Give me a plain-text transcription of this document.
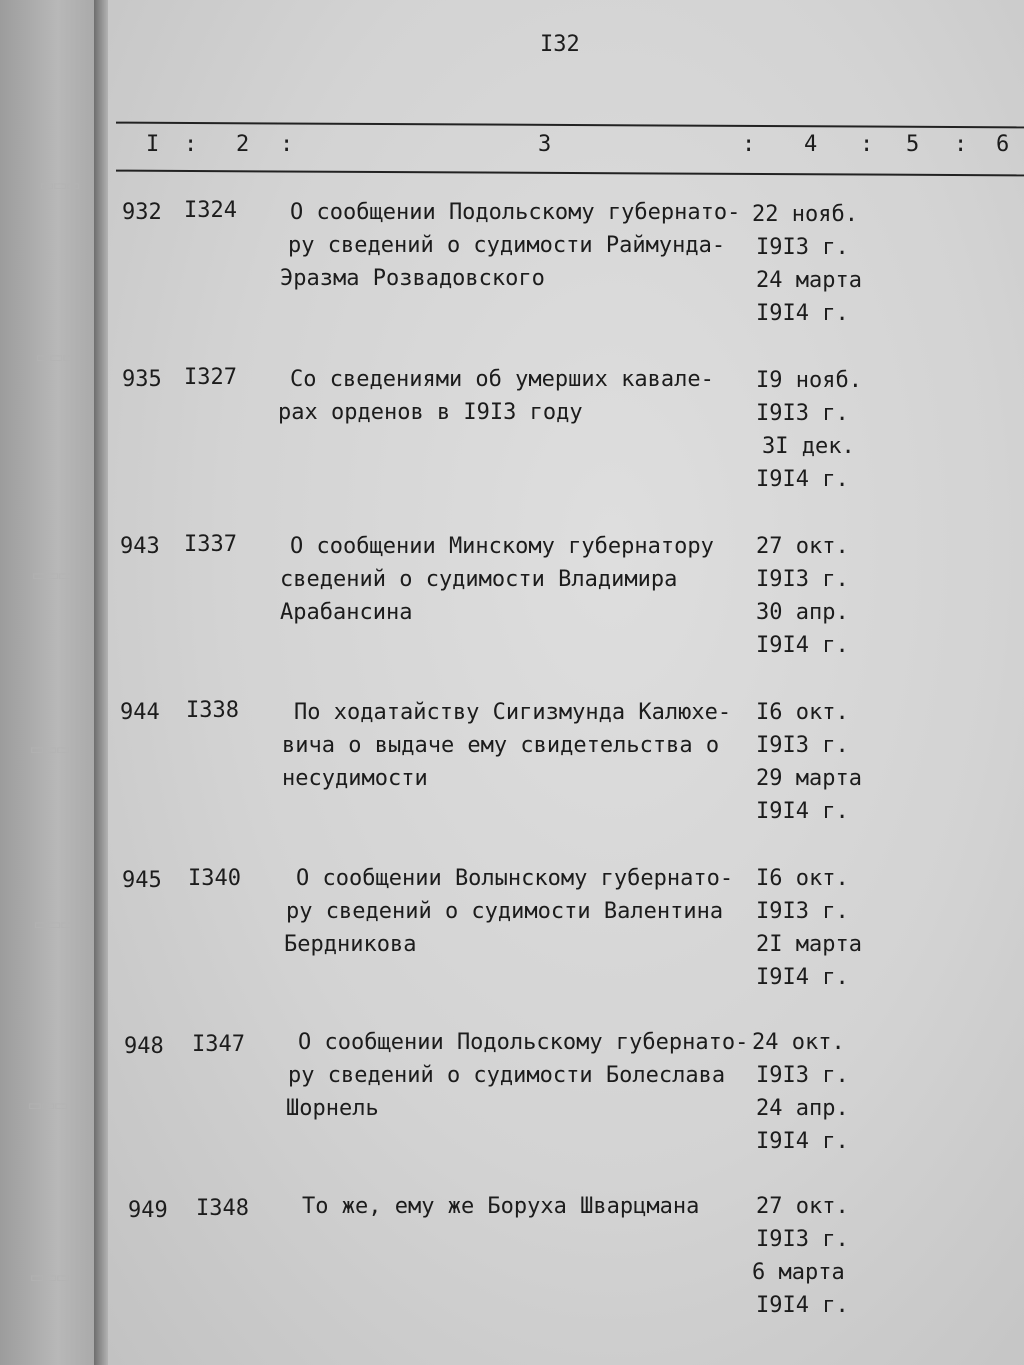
▭▭▭
▭▭▭
▭▭▭
▭▭▭
▭▭▭
▭▭▭
▭▭▭
I32
I : 2 :	3	: 4 : 5 : 6
932 I324 О сообщении Подольскому губернато-
ру сведений о судимости Раймунда-
Эразма Розвадовского
22 нояб.
I9I3 г.
24 марта
I9I4 г.
935 I327 Со сведениями об умерших кавале-
рах орденов в I9I3 году
I9 нояб.
I9I3 г.
3I дек.
I9I4 г.
943 I337 О сообщении Минскому губернатору
сведений о судимости Владимира
Арабансина
27 окт.
I9I3 г.
30 апр.
I9I4 г.
944 I338	По ходатайству Сигизмунда Калюхе-
вича о выдаче ему свидетельства о
несудимости
I6 окт.
I9I3 г.
29 марта
I9I4 г.
945 I340	О сообщении Волынскому губернато-
ру сведений о судимости Валентина
Бердникова
I6 окт.
I9I3 г.
2I марта
I9I4 г.
948 I347 О сообщении Подольскому губернато-
ру сведений о судимости Болеслава
Шорнель
24 окт.
I9I3 г.
24 апр.
I9I4 г.
949 I348 То же, ему же Боруха Шварцмана	27 окт.
I9I3 г.
6 марта
I9I4 г.
